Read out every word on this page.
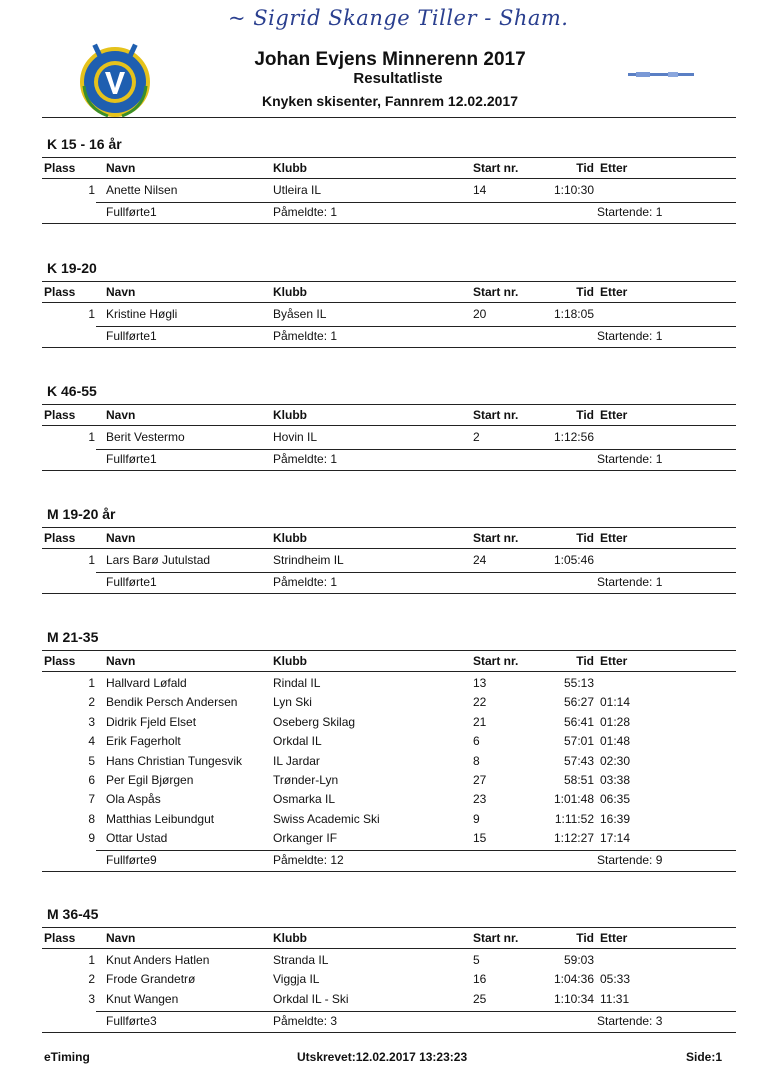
~ Sigrid Skange Tiller - Sham.
Johan Evjens Minnerenn 2017
Resultatliste
Knyken skisenter, Fannrem 12.02.2017
K 15 - 16 år
Plass	Navn	Klubb	Start nr.	Tid Etter
1 Anette Nilsen	Utleira IL	14	1:10:30
Fullførte1	Påmeldte: 1	Startende: 1
K 19-20
Plass	Navn	Klubb	Start nr.	Tid Etter
1 Kristine Høgli	Byåsen IL	20	1:18:05
Fullførte1	Påmeldte: 1	Startende: 1
K 46-55
Plass	Navn	Klubb	Start nr.	Tid Etter
1 Berit Vestermo	Hovin IL	2	1:12:56
Fullførte1	Påmeldte: 1	Startende: 1
M 19-20 år
Plass	Navn	Klubb	Start nr.	Tid Etter
1 Lars Barø Jutulstad	Strindheim IL	24	1:05:46
Fullførte1	Påmeldte: 1	Startende: 1
M 21-35
Plass	Navn	Klubb	Start nr.	Tid Etter
1 Hallvard Løfald	Rindal IL	13	55:13
2 Bendik Persch Andersen	Lyn Ski	22	56:27 01:14
3 Didrik Fjeld Elset	Oseberg Skilag	21	56:41 01:28
4 Erik Fagerholt	Orkdal IL	6	57:01 01:48
5 Hans Christian Tungesvik	IL Jardar	8	57:43 02:30
6 Per Egil Bjørgen	Trønder-Lyn	27	58:51 03:38
7 Ola Aspås	Osmarka IL	23	1:01:48 06:35
8 Matthias Leibundgut	Swiss Academic Ski	9	1:11:52 16:39
9 Ottar Ustad	Orkanger IF	15	1:12:27 17:14
Fullførte9	Påmeldte: 12	Startende: 9
M 36-45
Plass	Navn	Klubb	Start nr.	Tid Etter
1 Knut Anders Hatlen	Stranda IL	5	59:03
2 Frode Grandetrø	Viggja IL	16	1:04:36 05:33
3 Knut Wangen	Orkdal IL - Ski	25	1:10:34 11:31
Fullførte3	Påmeldte: 3	Startende: 3
eTiming	Utskrevet:12.02.2017 13:23:23	Side:1
